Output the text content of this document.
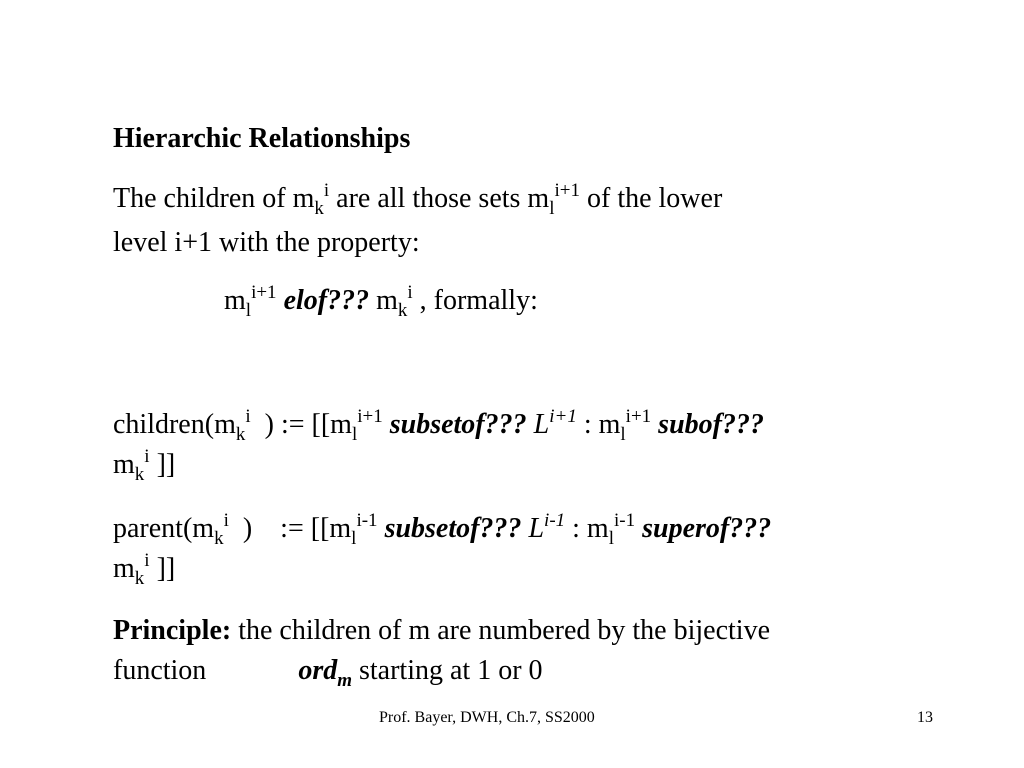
Hierarchic Relationships
The children of $m_k^i$ are all those sets $m_l^{i+1}$ of the lower
level i+1 with the property:
$m_l^{i+1}$ elof??? $m_k^i$ , formally:
$children(m_k^i$  ) := [[$m_l^{i+1}$ subsetof??? $L^{i+1}$ : $m_l^{i+1}$ subof???
$m_k^i$ ]]
$parent(m_k^i$  )    := [[$m_l^{i-1}$ subsetof??? $L^{i-1}$ : $m_l^{i-1}$ superof???
$m_k^i$ ]]
Principle: the children of m are numbered by the bijective
function	ord$_m$ starting at 1 or 0
Prof. Bayer, DWH, Ch.7, SS2000	13
